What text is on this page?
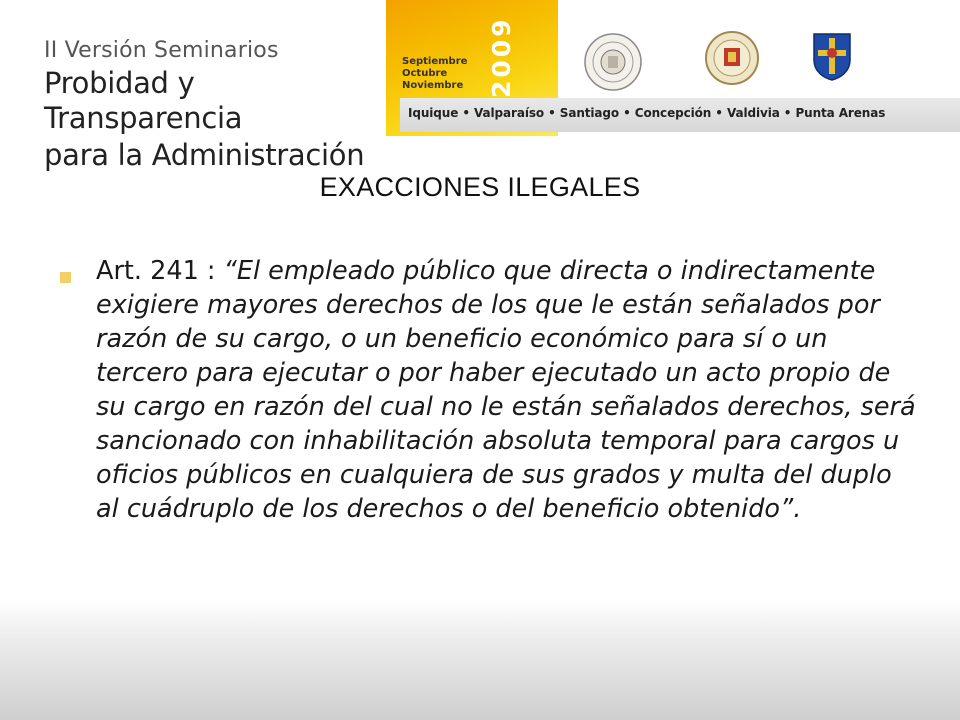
II Versión Seminarios
Probidad y Transparencia
para la Administración
Septiembre
Octubre
Noviembre 2009
Iquique • Valparaíso • Santiago • Concepción • Valdivia • Punta Arenas
EXACCIONES ILEGALES
Art. 241 : “El empleado público que directa o indirectamente exigiere mayores derechos de los que le están señalados por razón de su cargo, o un beneficio económico para sí o un tercero para ejecutar o por haber ejecutado un acto propio de su cargo en razón del cual no le están señalados derechos, será sancionado con inhabilitación absoluta temporal para cargos u oficios públicos en cualquiera de sus grados y multa del duplo al cuádruplo de los derechos o del beneficio obtenido”.
